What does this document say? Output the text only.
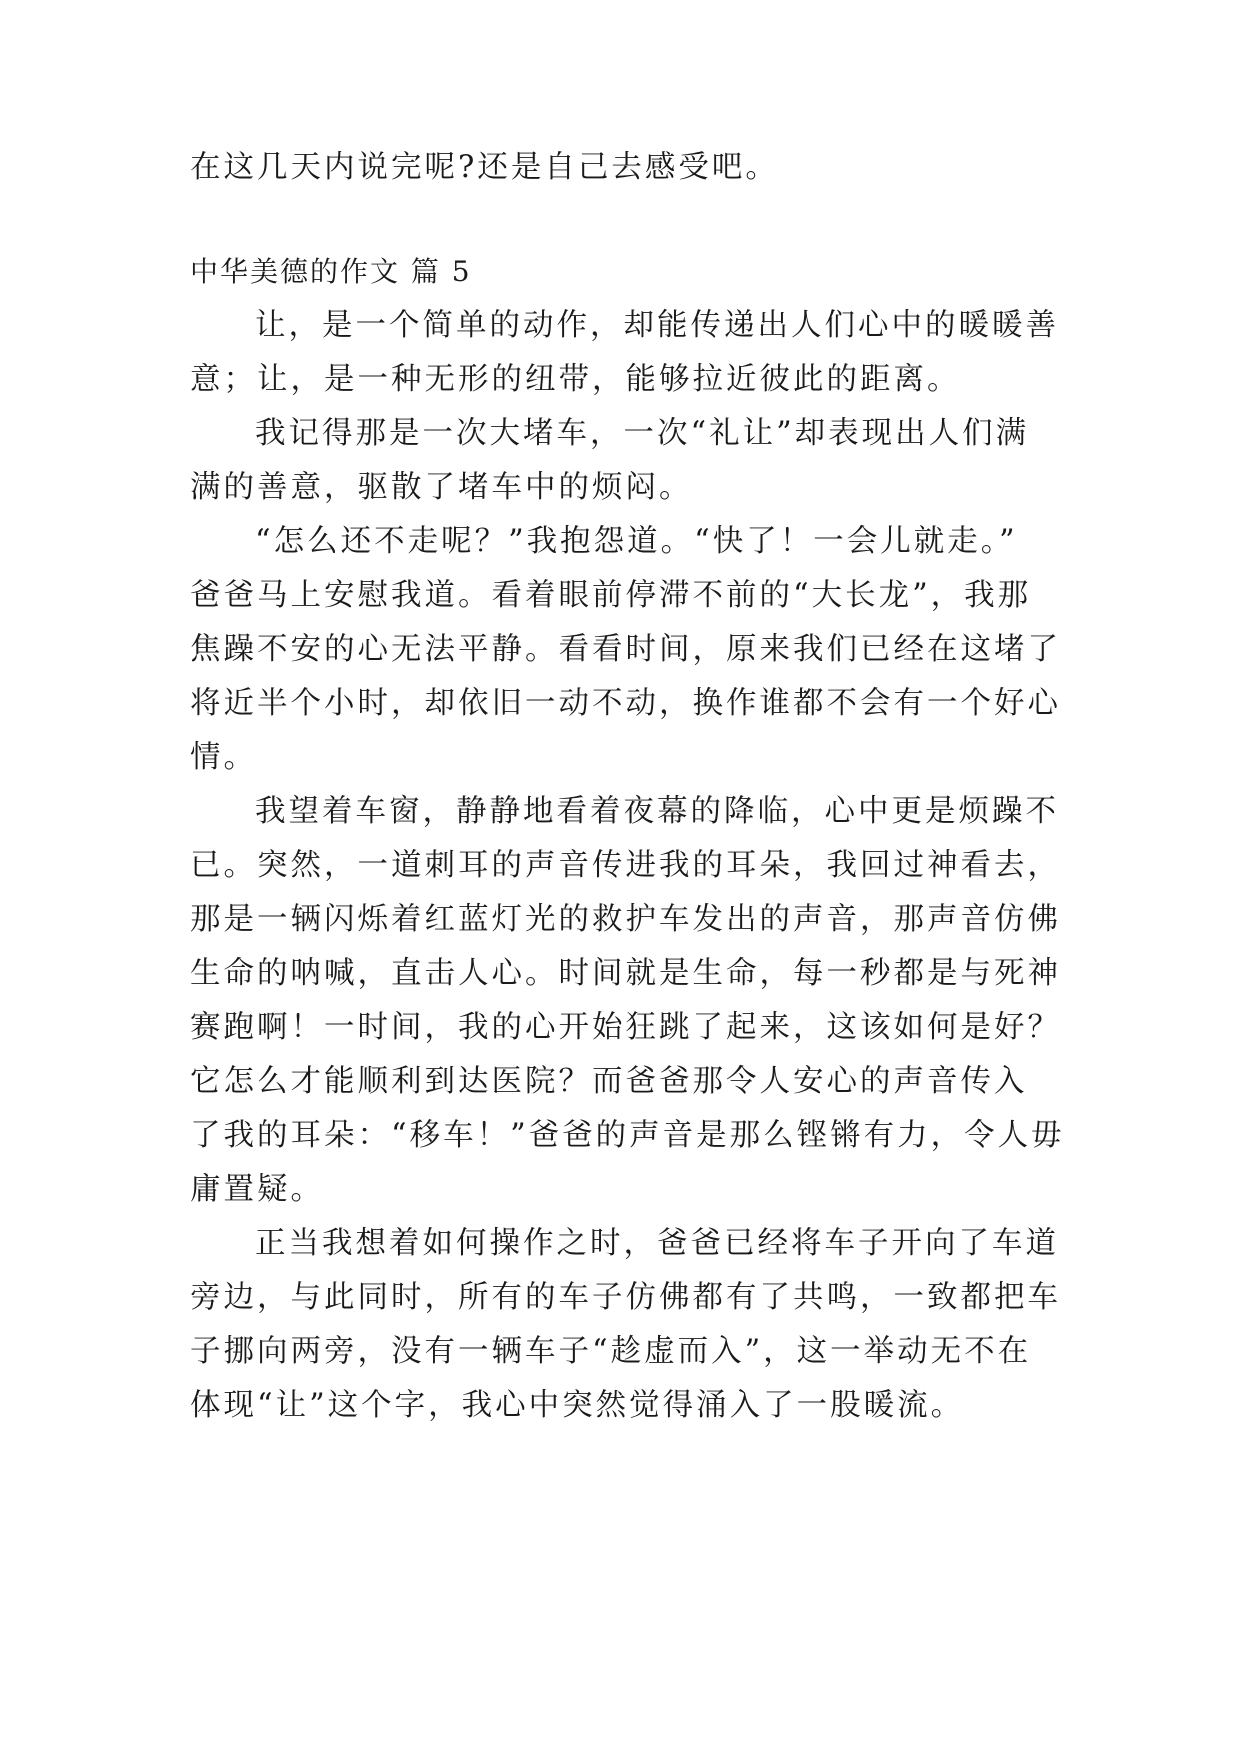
在这几天内说完呢?还是自己去感受吧。

中华美德的作文 篇 5

让，是一个简单的动作，却能传递出人们心中的暖暖善

意；让，是一种无形的纽带，能够拉近彼此的距离。

我记得那是一次大堵车，一次“礼让”却表现出人们满

满的善意，驱散了堵车中的烦闷。

“怎么还不走呢？”我抱怨道。“快了！一会儿就走。”

爸爸马上安慰我道。看着眼前停滞不前的“大长龙”，我那

焦躁不安的心无法平静。看看时间，原来我们已经在这堵了

将近半个小时，却依旧一动不动，换作谁都不会有一个好心

情。

我望着车窗，静静地看着夜幕的降临，心中更是烦躁不

已。突然，一道刺耳的声音传进我的耳朵，我回过神看去，

那是一辆闪烁着红蓝灯光的救护车发出的声音，那声音仿佛

生命的呐喊，直击人心。时间就是生命，每一秒都是与死神

赛跑啊！一时间，我的心开始狂跳了起来，这该如何是好？

它怎么才能顺利到达医院？而爸爸那令人安心的声音传入

了我的耳朵：“移车！”爸爸的声音是那么铿锵有力，令人毋

庸置疑。

正当我想着如何操作之时，爸爸已经将车子开向了车道

旁边，与此同时，所有的车子仿佛都有了共鸣，一致都把车

子挪向两旁，没有一辆车子“趁虚而入”，这一举动无不在

体现“让”这个字，我心中突然觉得涌入了一股暖流。
